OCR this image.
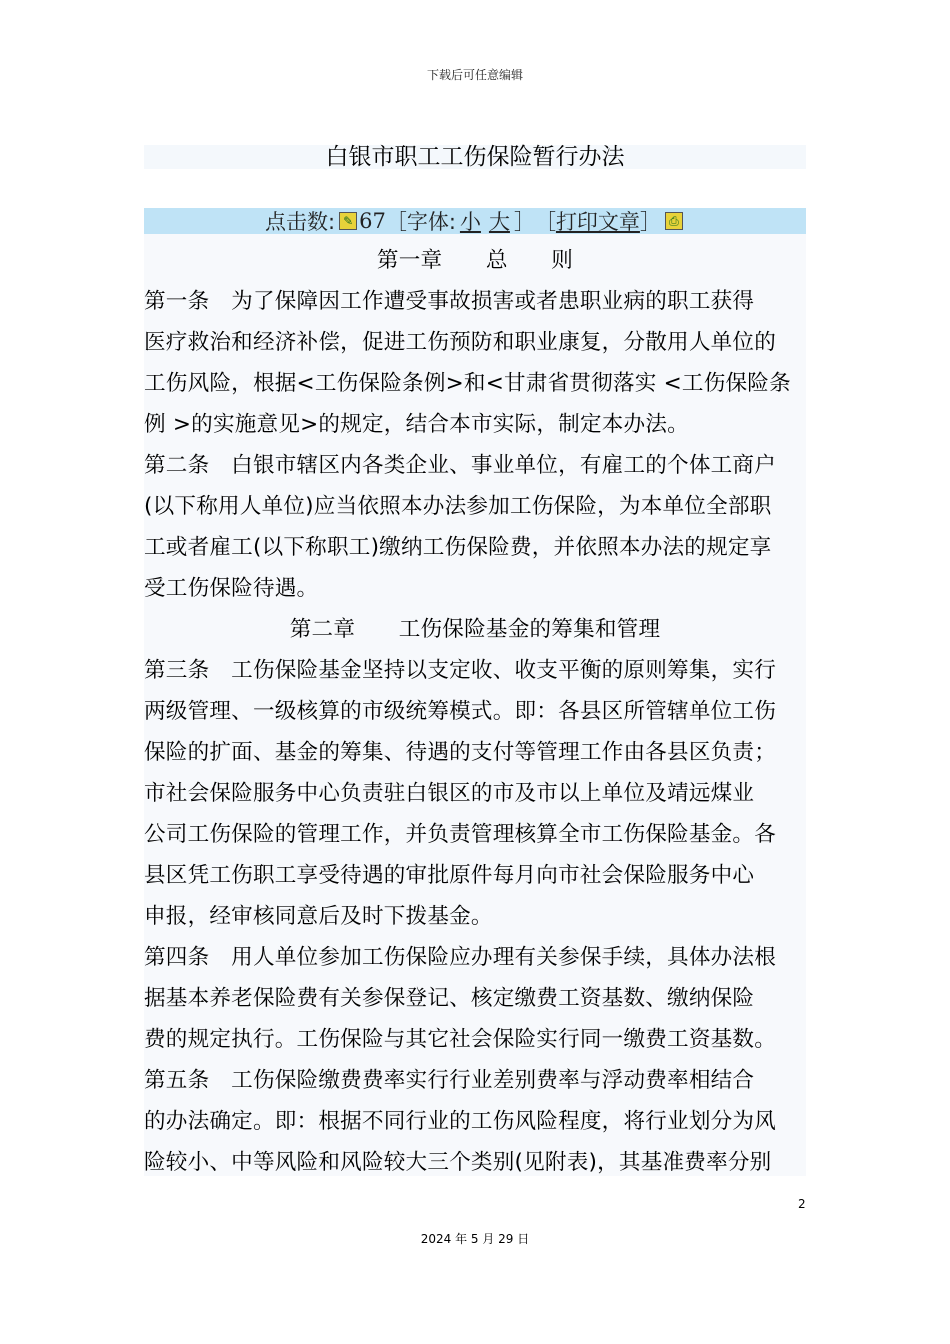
下载后可任意编辑
白银市职工工伤保险暂行办法
点击数: ✎ 67 ［字体: 小 大 ］ ［ 打印文章 ］ ⎙
第一章　　总　　则
第一条　为了保障因工作遭受事故损害或者患职业病的职工获得
医疗救治和经济补偿，促进工伤预防和职业康复，分散用人单位的
工伤风险，根据<工伤保险条例>和<甘肃省贯彻落实 <工伤保险条
例 >的实施意见>的规定，结合本市实际，制定本办法。
第二条　白银市辖区内各类企业、事业单位，有雇工的个体工商户
(以下称用人单位)应当依照本办法参加工伤保险，为本单位全部职
工或者雇工(以下称职工)缴纳工伤保险费，并依照本办法的规定享
受工伤保险待遇。
第二章　　工伤保险基金的筹集和管理
第三条　工伤保险基金坚持以支定收、收支平衡的原则筹集，实行
两级管理、一级核算的市级统筹模式。即：各县区所管辖单位工伤
保险的扩面、基金的筹集、待遇的支付等管理工作由各县区负责；
市社会保险服务中心负责驻白银区的市及市以上单位及靖远煤业
公司工伤保险的管理工作，并负责管理核算全市工伤保险基金。各
县区凭工伤职工享受待遇的审批原件每月向市社会保险服务中心
申报，经审核同意后及时下拨基金。
第四条　用人单位参加工伤保险应办理有关参保手续，具体办法根
据基本养老保险费有关参保登记、核定缴费工资基数、缴纳保险
费的规定执行。工伤保险与其它社会保险实行同一缴费工资基数。
第五条　工伤保险缴费费率实行行业差别费率与浮动费率相结合
的办法确定。即：根据不同行业的工伤风险程度，将行业划分为风
险较小、中等风险和风险较大三个类别(见附表)，其基准费率分别
2
2024 年 5 月 29 日
